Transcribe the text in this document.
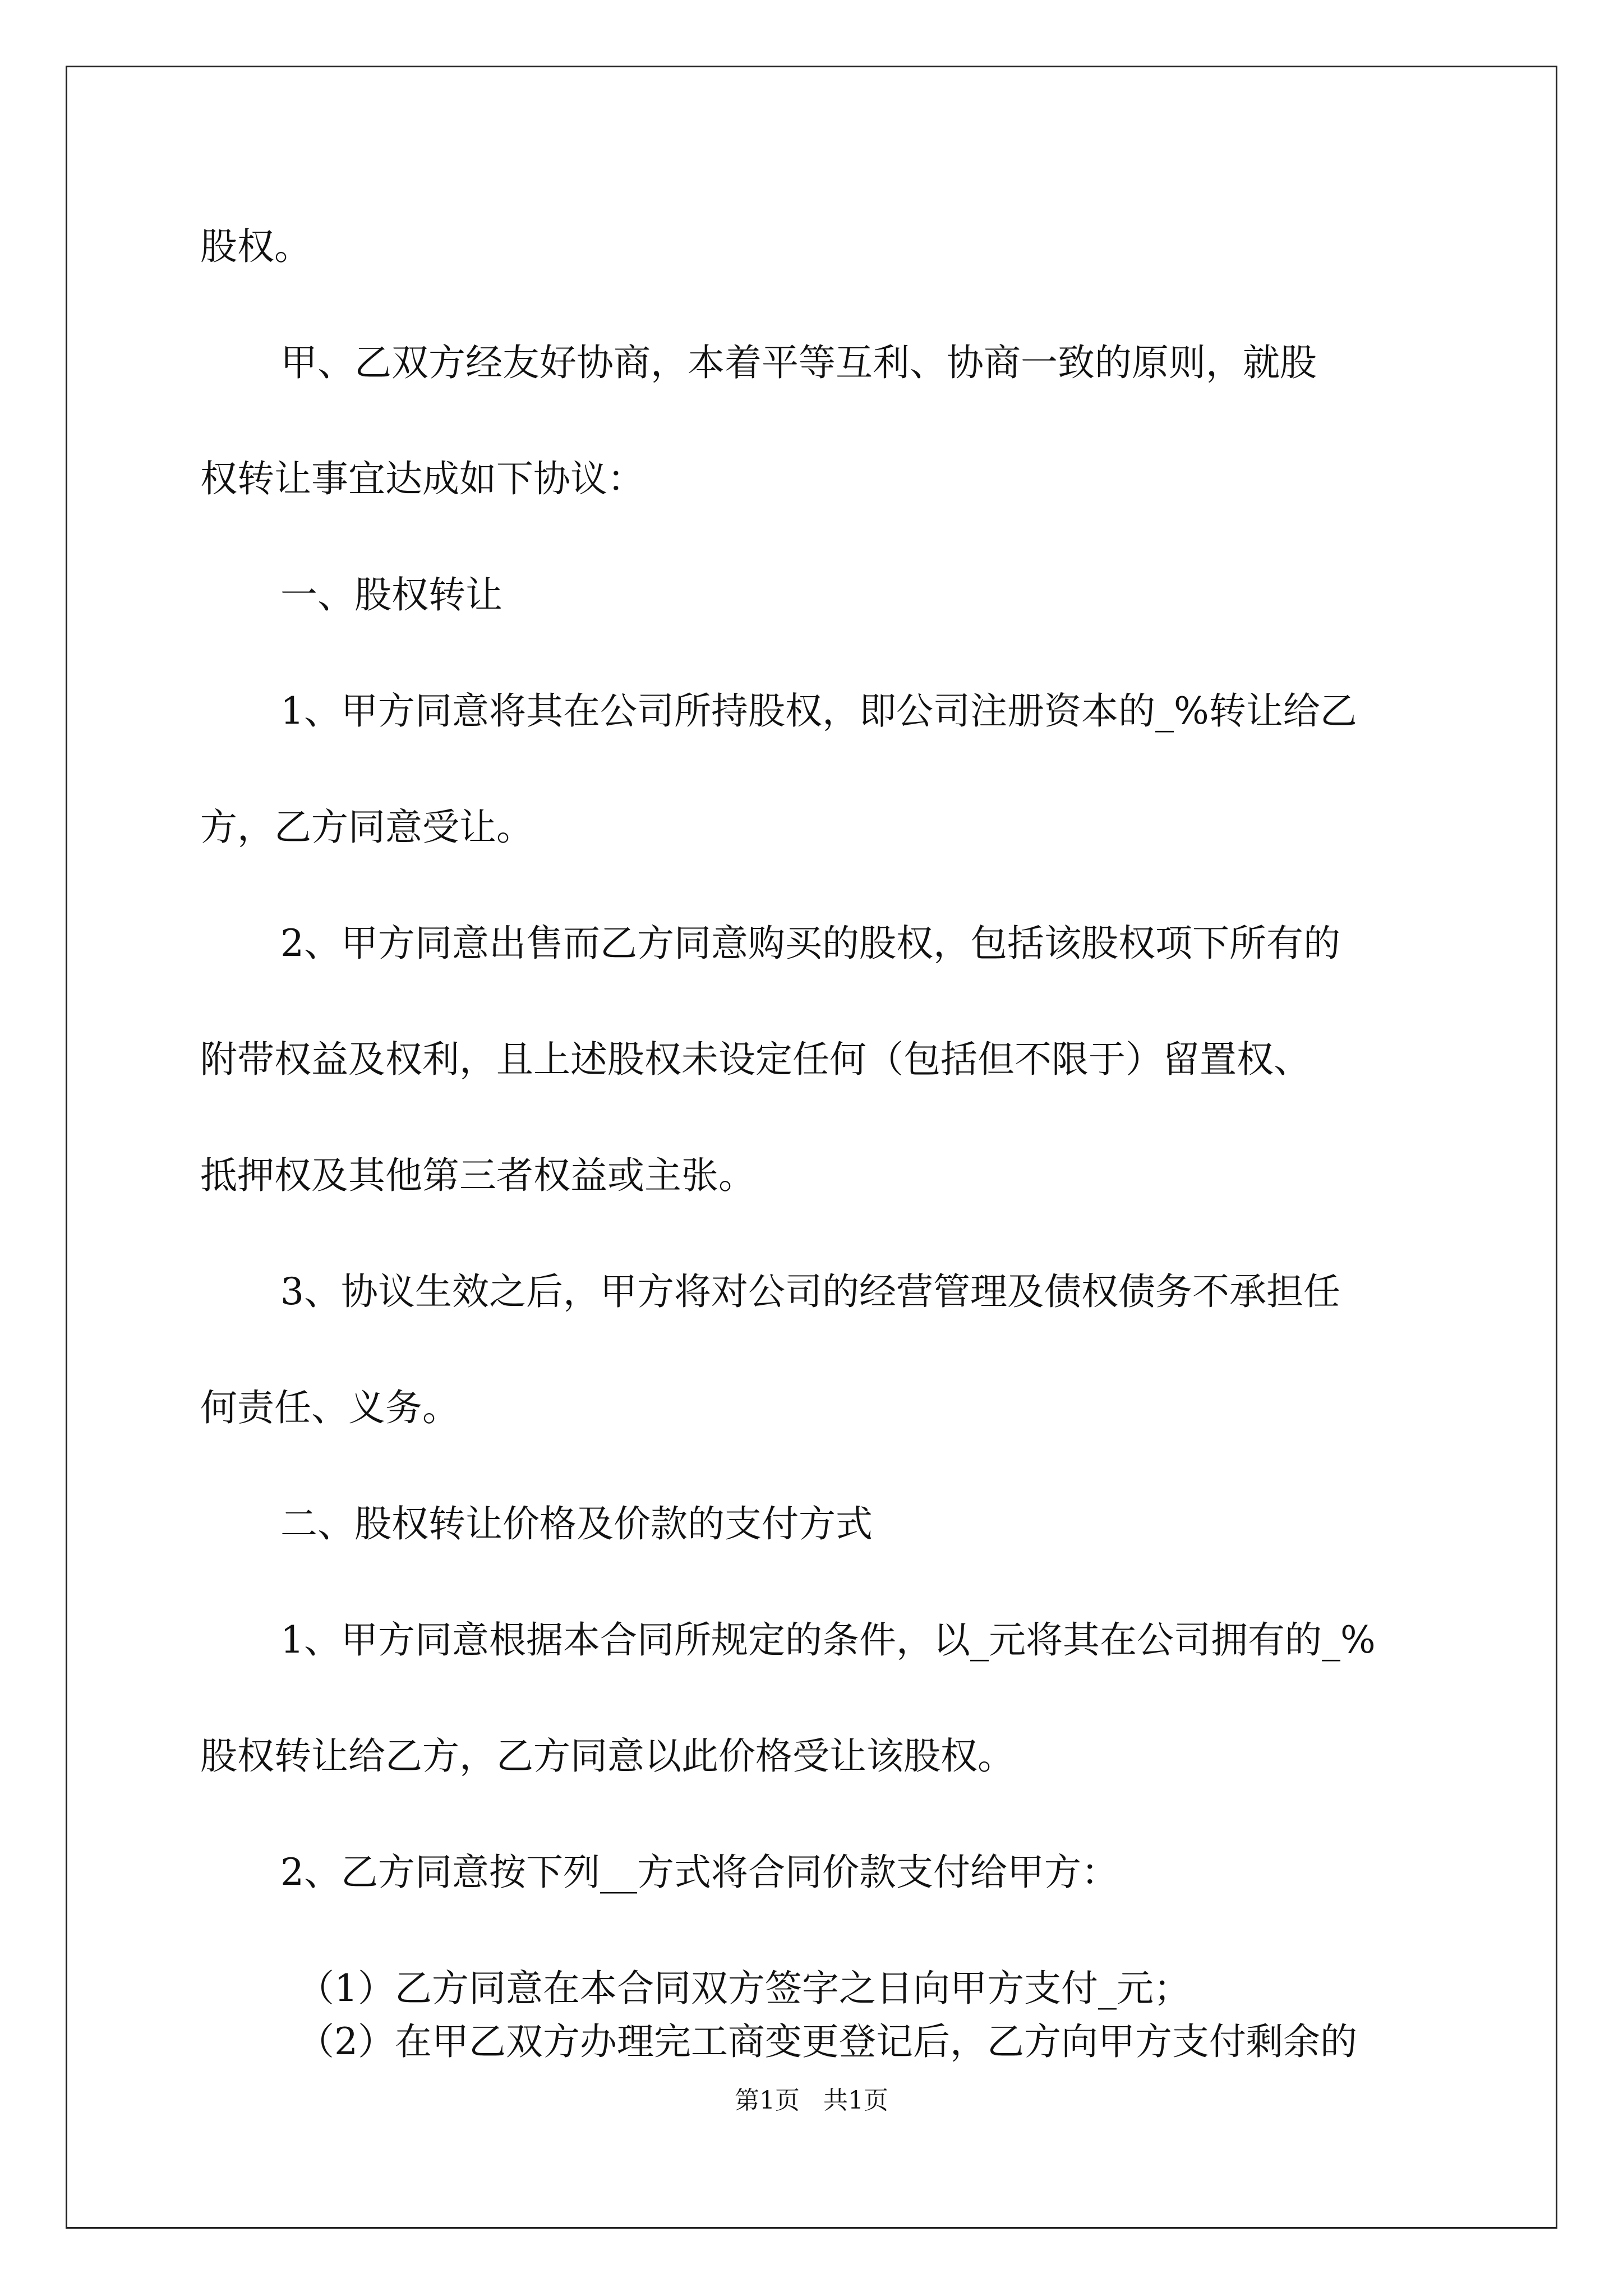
股权。

甲、乙双方经友好协商，本着平等互利、协商一致的原则，就股

权转让事宜达成如下协议：

一、股权转让

1、甲方同意将其在公司所持股权，即公司注册资本的_%转让给乙

方，乙方同意受让。

2、甲方同意出售而乙方同意购买的股权，包括该股权项下所有的

附带权益及权利，且上述股权未设定任何（包括但不限于）留置权、

抵押权及其他第三者权益或主张。

3、协议生效之后，甲方将对公司的经营管理及债权债务不承担任

何责任、义务。

二、股权转让价格及价款的支付方式

1、甲方同意根据本合同所规定的条件，以_元将其在公司拥有的_%

股权转让给乙方，乙方同意以此价格受让该股权。

2、乙方同意按下列__方式将合同价款支付给甲方：

（1）乙方同意在本合同双方签字之日向甲方支付_元；

（2）在甲乙双方办理完工商变更登记后，乙方向甲方支付剩余的

第1页   共1页
